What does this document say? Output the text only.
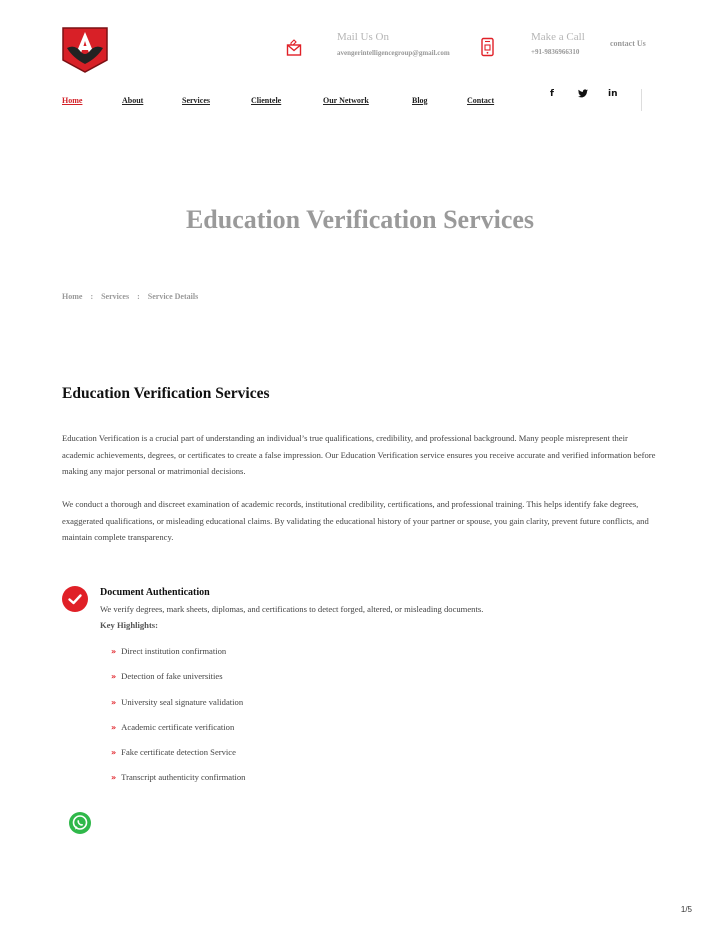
Mail Us On
avengerintelligencegroup@gmail.com
Make a Call
+91-9836966310
contact Us
Home	About	Services	Clientele	Our Network	Blog	Contact
f	in
Education Verification Services
Home : Services : Service Details
Education Verification Services

Education Verification is a crucial part of understanding an individual’s true qualifications, credibility, and professional background. Many people misrepresent their academic achievements, degrees, or certificates to create a false impression. Our Education Verification service ensures you receive accurate and verified information before making any major personal or matrimonial decisions.

We conduct a thorough and discreet examination of academic records, institutional credibility, certifications, and professional training. This helps identify fake degrees, exaggerated qualifications, or misleading educational claims. By validating the educational history of your partner or spouse, you gain clarity, prevent future conflicts, and maintain complete transparency.

Document Authentication
We verify degrees, mark sheets, diplomas, and certifications to detect forged, altered, or misleading documents.
Key Highlights:
» Direct institution confirmation
» Detection of fake universities
» University seal signature validation
» Academic certificate verification
» Fake certificate detection Service
» Transcript authenticity confirmation
1/5
